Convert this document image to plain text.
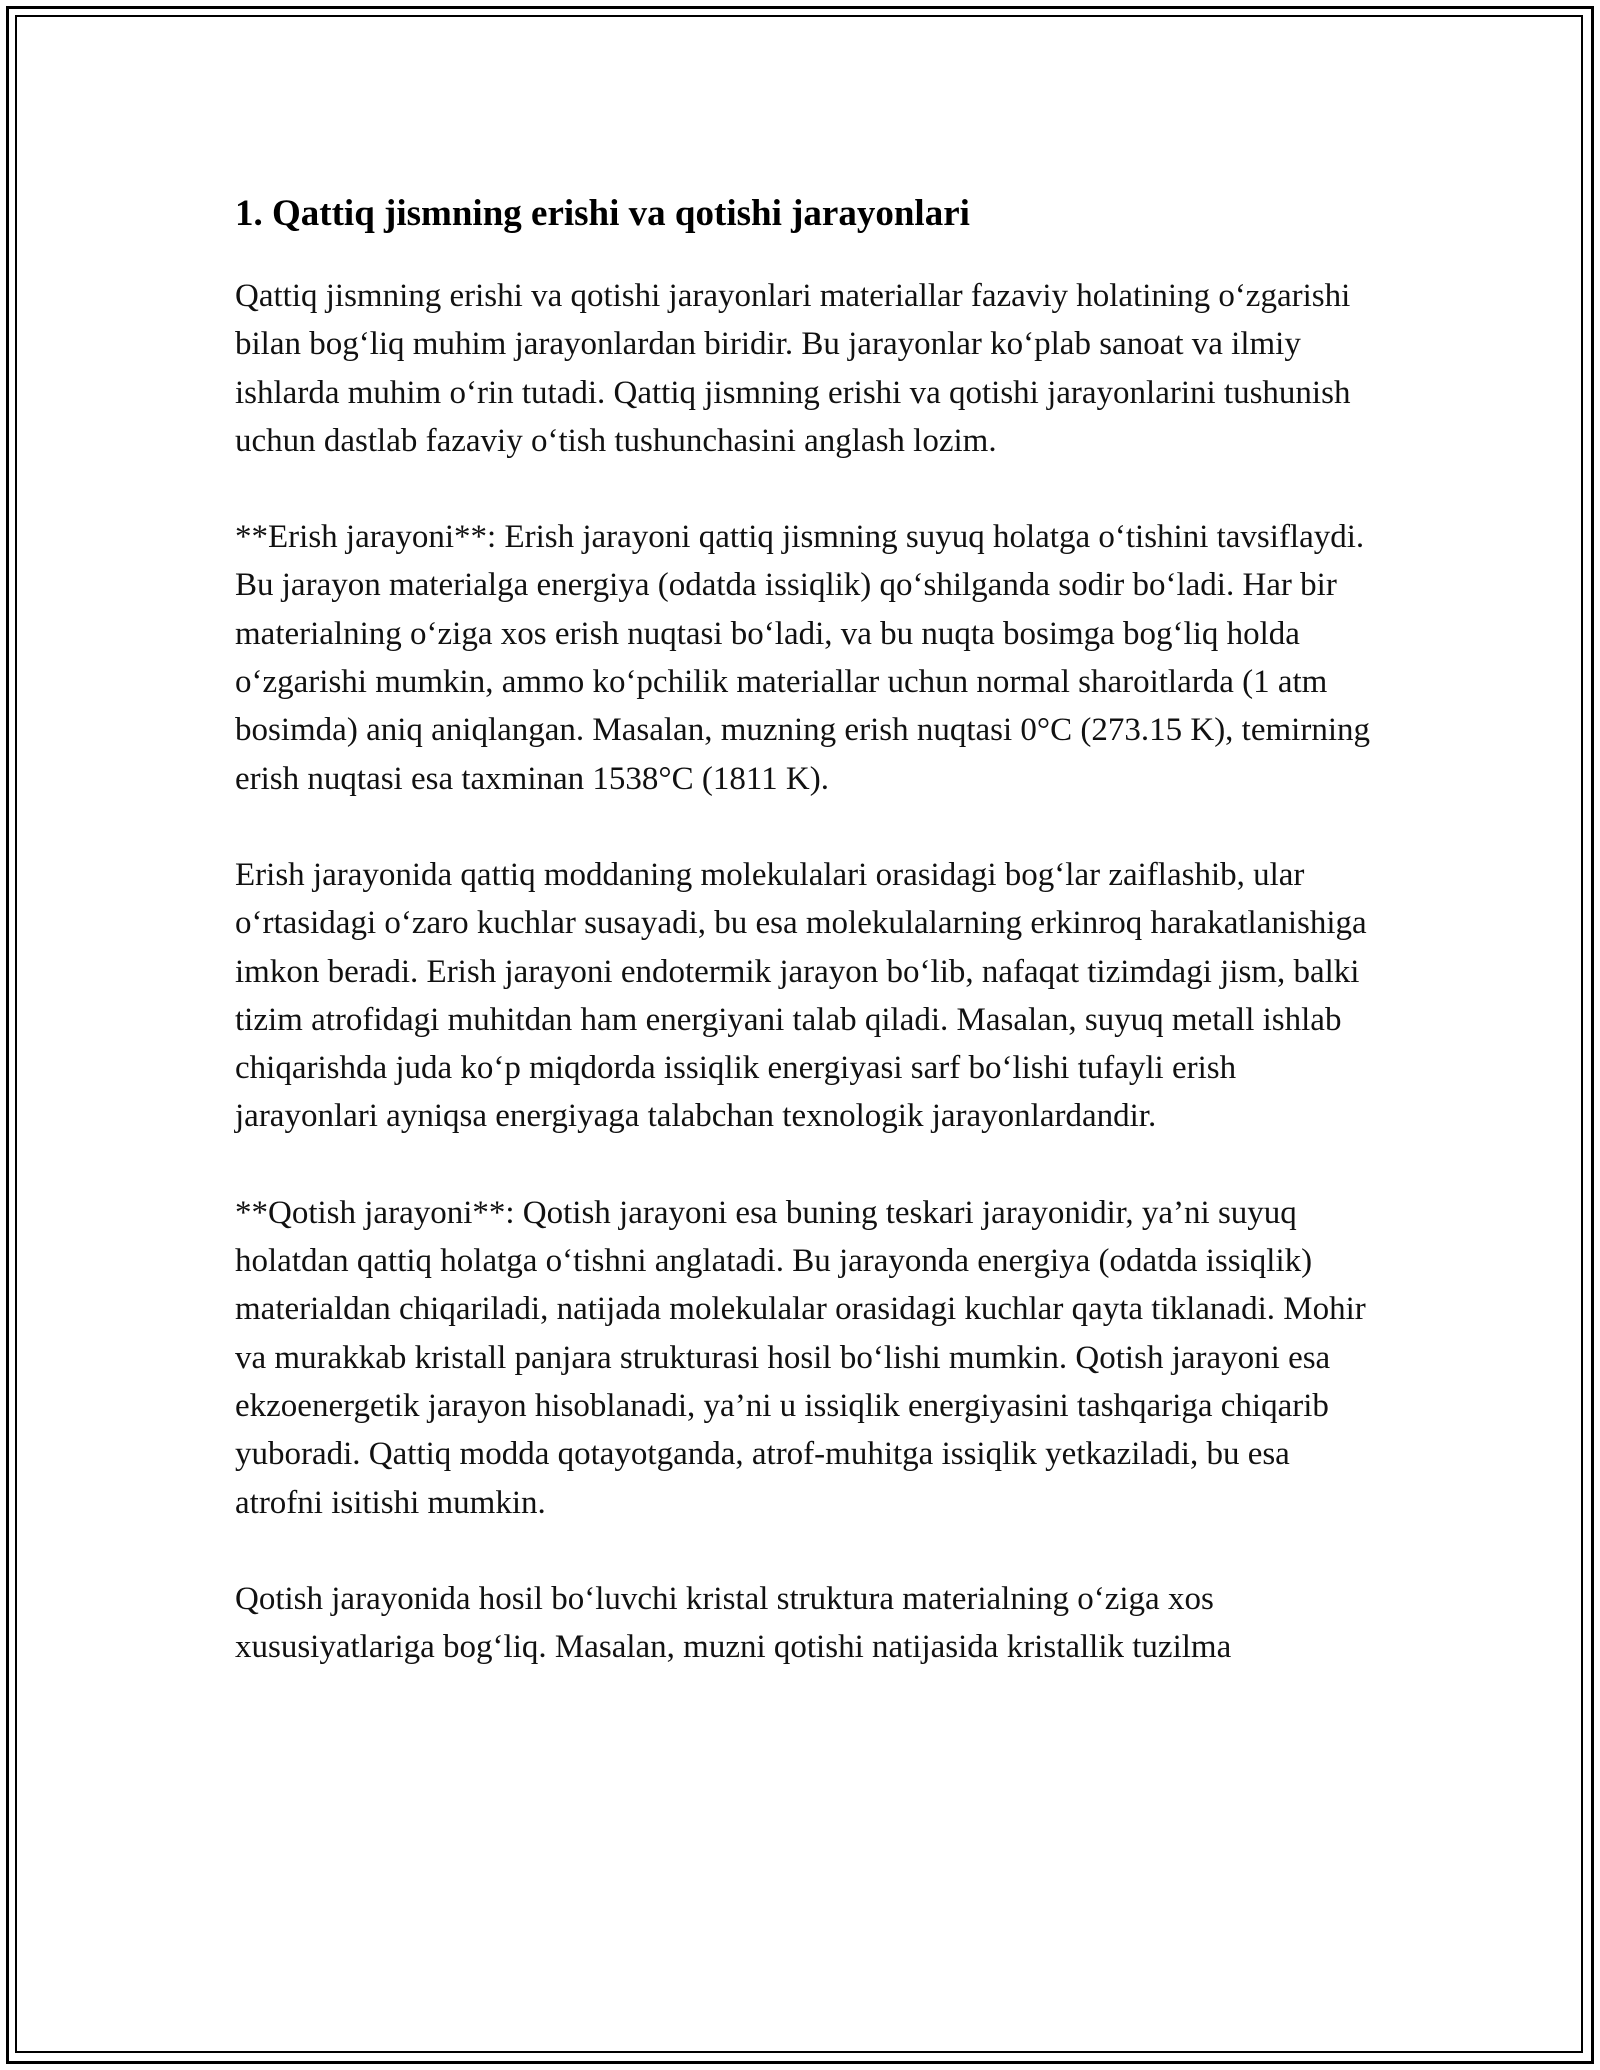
1. Qattiq jismning erishi va qotishi jarayonlari

Qattiq jismning erishi va qotishi jarayonlari materiallar fazaviy holatining o‘zgarishi bilan bog‘liq muhim jarayonlardan biridir. Bu jarayonlar ko‘plab sanoat va ilmiy ishlarda muhim o‘rin tutadi. Qattiq jismning erishi va qotishi jarayonlarini tushunish uchun dastlab fazaviy o‘tish tushunchasini anglash lozim.

**Erish jarayoni**: Erish jarayoni qattiq jismning suyuq holatga o‘tishini tavsiflaydi. Bu jarayon materialga energiya (odatda issiqlik) qo‘shilganda sodir bo‘ladi. Har bir materialning o‘ziga xos erish nuqtasi bo‘ladi, va bu nuqta bosimga bog‘liq holda o‘zgarishi mumkin, ammo ko‘pchilik materiallar uchun normal sharoitlarda (1 atm bosimda) aniq aniqlangan. Masalan, muzning erish nuqtasi 0°C (273.15 K), temirning erish nuqtasi esa taxminan 1538°C (1811 K).

Erish jarayonida qattiq moddaning molekulalari orasidagi bog‘lar zaiflashib, ular o‘rtasidagi o‘zaro kuchlar susayadi, bu esa molekulalarning erkinroq harakatlanishiga imkon beradi. Erish jarayoni endotermik jarayon bo‘lib, nafaqat tizimdagi jism, balki tizim atrofidagi muhitdan ham energiyani talab qiladi. Masalan, suyuq metall ishlab chiqarishda juda ko‘p miqdorda issiqlik energiyasi sarf bo‘lishi tufayli erish jarayonlari ayniqsa energiyaga talabchan texnologik jarayonlardandir.

**Qotish jarayoni**: Qotish jarayoni esa buning teskari jarayonidir, ya’ni suyuq holatdan qattiq holatga o‘tishni anglatadi. Bu jarayonda energiya (odatda issiqlik) materialdan chiqariladi, natijada molekulalar orasidagi kuchlar qayta tiklanadi. Mohir va murakkab kristall panjara strukturasi hosil bo‘lishi mumkin. Qotish jarayoni esa ekzoenergetik jarayon hisoblanadi, ya’ni u issiqlik energiyasini tashqariga chiqarib yuboradi. Qattiq modda qotayotganda, atrof-muhitga issiqlik yetkaziladi, bu esa atrofni isitishi mumkin.

Qotish jarayonida hosil bo‘luvchi kristal struktura materialning o‘ziga xos xususiyatlariga bog‘liq. Masalan, muzni qotishi natijasida kristallik tuzilma
